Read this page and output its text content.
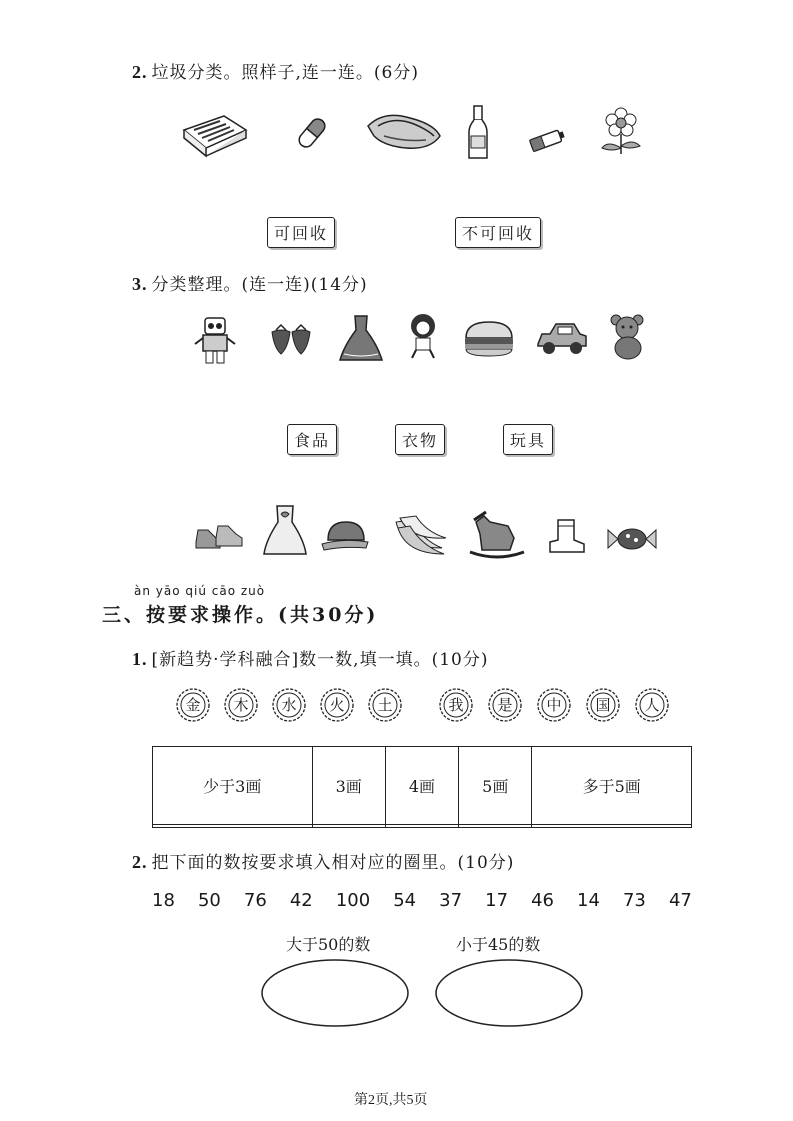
2. 垃圾分类。照样子,连一连。(6分)
可回收	不可回收
3. 分类整理。(连一连)(14分)
食品	衣物	玩具
àn yāo qiú cāo zuò
三、按要求操作。(共30分)
1. [新趋势·学科融合]数一数,填一填。(10分)
金	木	水	火	土	我	是	中	国	人
少于3画	3画	4画	5画	多于5画

2. 把下面的数按要求填入相对应的圈里。(10分)
18 50 76 42 100 54 37 17 46 14 73 47
大于50的数	小于45的数
第2页,共5页
